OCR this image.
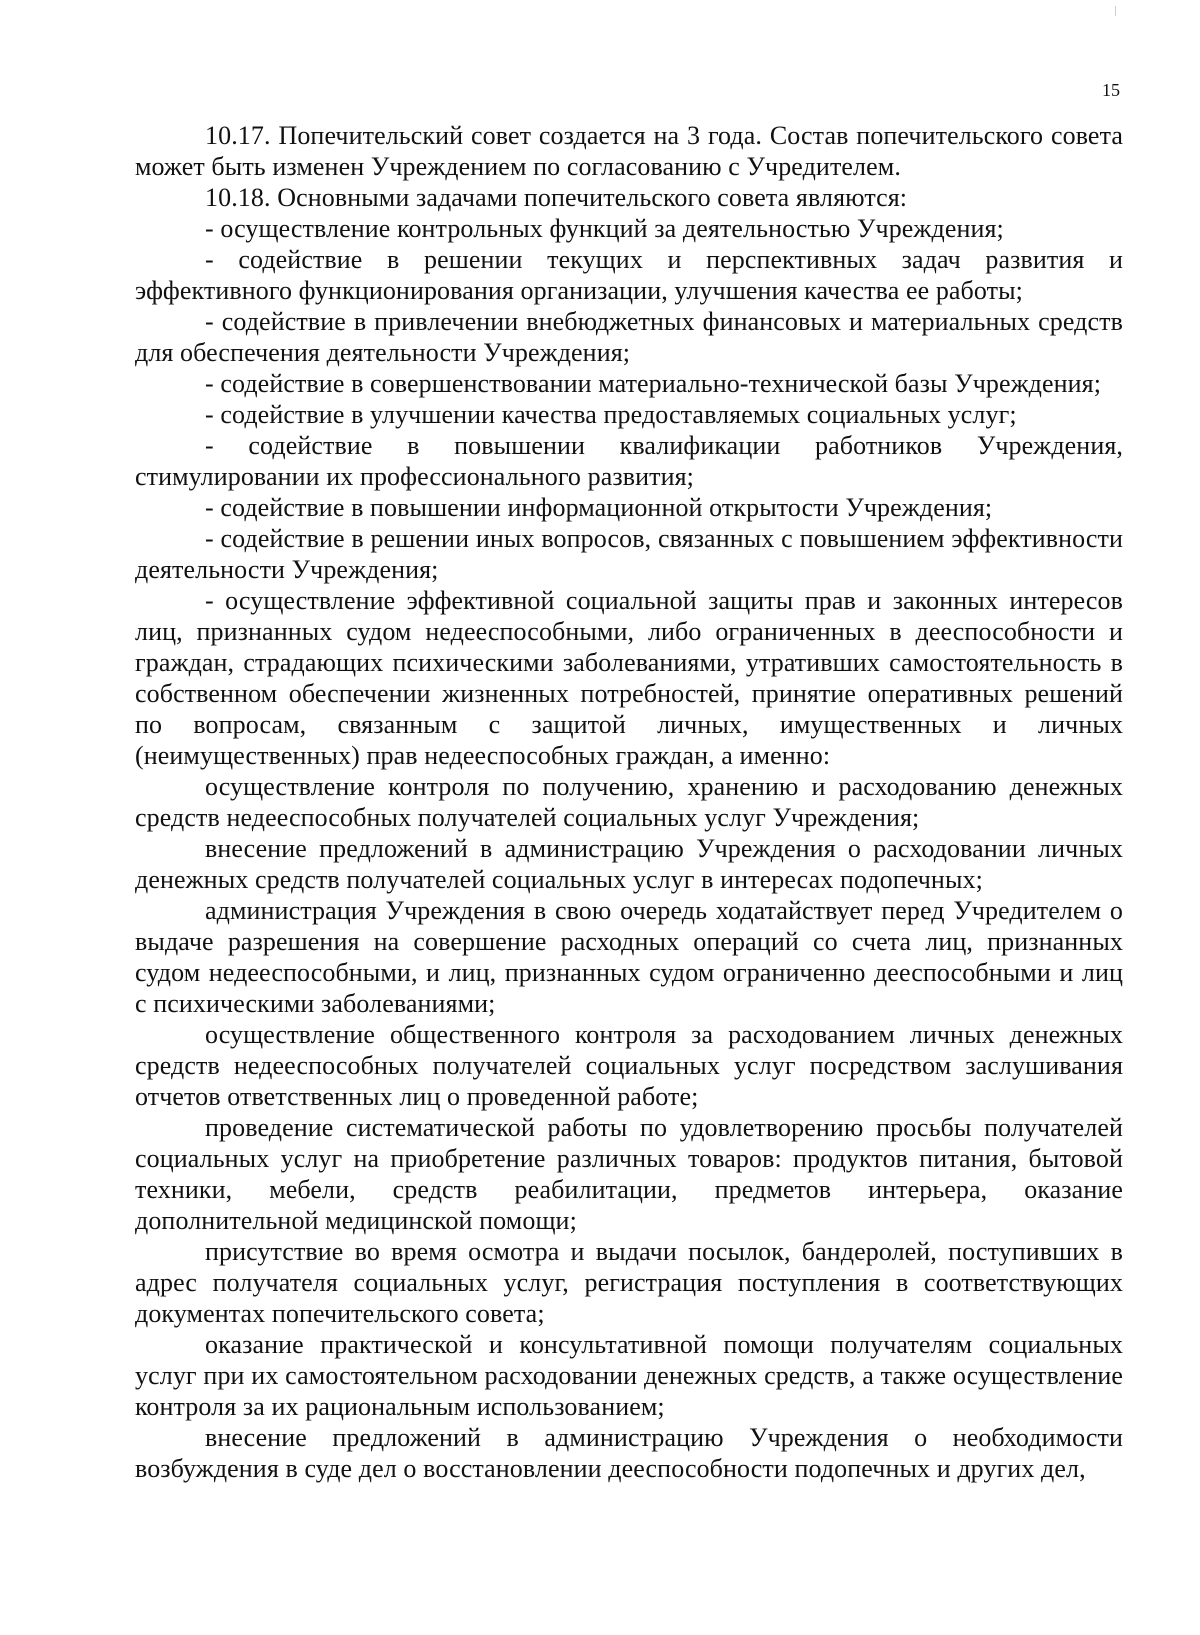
15

10.17. Попечительский совет создается на 3 года. Состав попечительского совета может быть изменен Учреждением по согласованию с Учредителем.

10.18. Основными задачами попечительского совета являются:

- осуществление контрольных функций за деятельностью Учреждения;

- содействие в решении текущих и перспективных задач развития и эффективного функционирования организации, улучшения качества ее работы;

- содействие в привлечении внебюджетных финансовых и материальных средств для обеспечения деятельности Учреждения;

- содействие в совершенствовании материально-технической базы Учреждения;

- содействие в улучшении качества предоставляемых социальных услуг;

- содействие в повышении квалификации работников Учреждения, стимулировании их профессионального развития;

- содействие в повышении информационной открытости Учреждения;

- содействие в решении иных вопросов, связанных с повышением эффективности деятельности Учреждения;

- осуществление эффективной социальной защиты прав и законных интересов лиц, признанных судом недееспособными, либо ограниченных в дееспособности и граждан, страдающих психическими заболеваниями, утративших самостоятельность в собственном обеспечении жизненных потребностей, принятие оперативных решений по вопросам, связанным с защитой личных, имущественных и личных (неимущественных) прав недееспособных граждан, а именно:

осуществление контроля по получению, хранению и расходованию денежных средств недееспособных получателей социальных услуг Учреждения;

внесение предложений в администрацию Учреждения о расходовании личных денежных средств получателей социальных услуг в интересах подопечных;

администрация Учреждения в свою очередь ходатайствует перед Учредителем о выдаче разрешения на совершение расходных операций со счета лиц, признанных судом недееспособными, и лиц, признанных судом ограниченно дееспособными и лиц с психическими заболеваниями;

осуществление общественного контроля за расходованием личных денежных средств недееспособных получателей социальных услуг посредством заслушивания отчетов ответственных лиц о проведенной работе;

проведение систематической работы по удовлетворению просьбы получателей социальных услуг на приобретение различных товаров: продуктов питания, бытовой техники, мебели, средств реабилитации, предметов интерьера, оказание дополнительной медицинской помощи;

присутствие во время осмотра и выдачи посылок, бандеролей, поступивших в адрес получателя социальных услуг, регистрация поступления в соответствующих документах попечительского совета;

оказание практической и консультативной помощи получателям социальных услуг при их самостоятельном расходовании денежных средств, а также осуществление контроля за их рациональным использованием;

внесение предложений в администрацию Учреждения о необходимости возбуждения в суде дел о восстановлении дееспособности подопечных и других дел,
